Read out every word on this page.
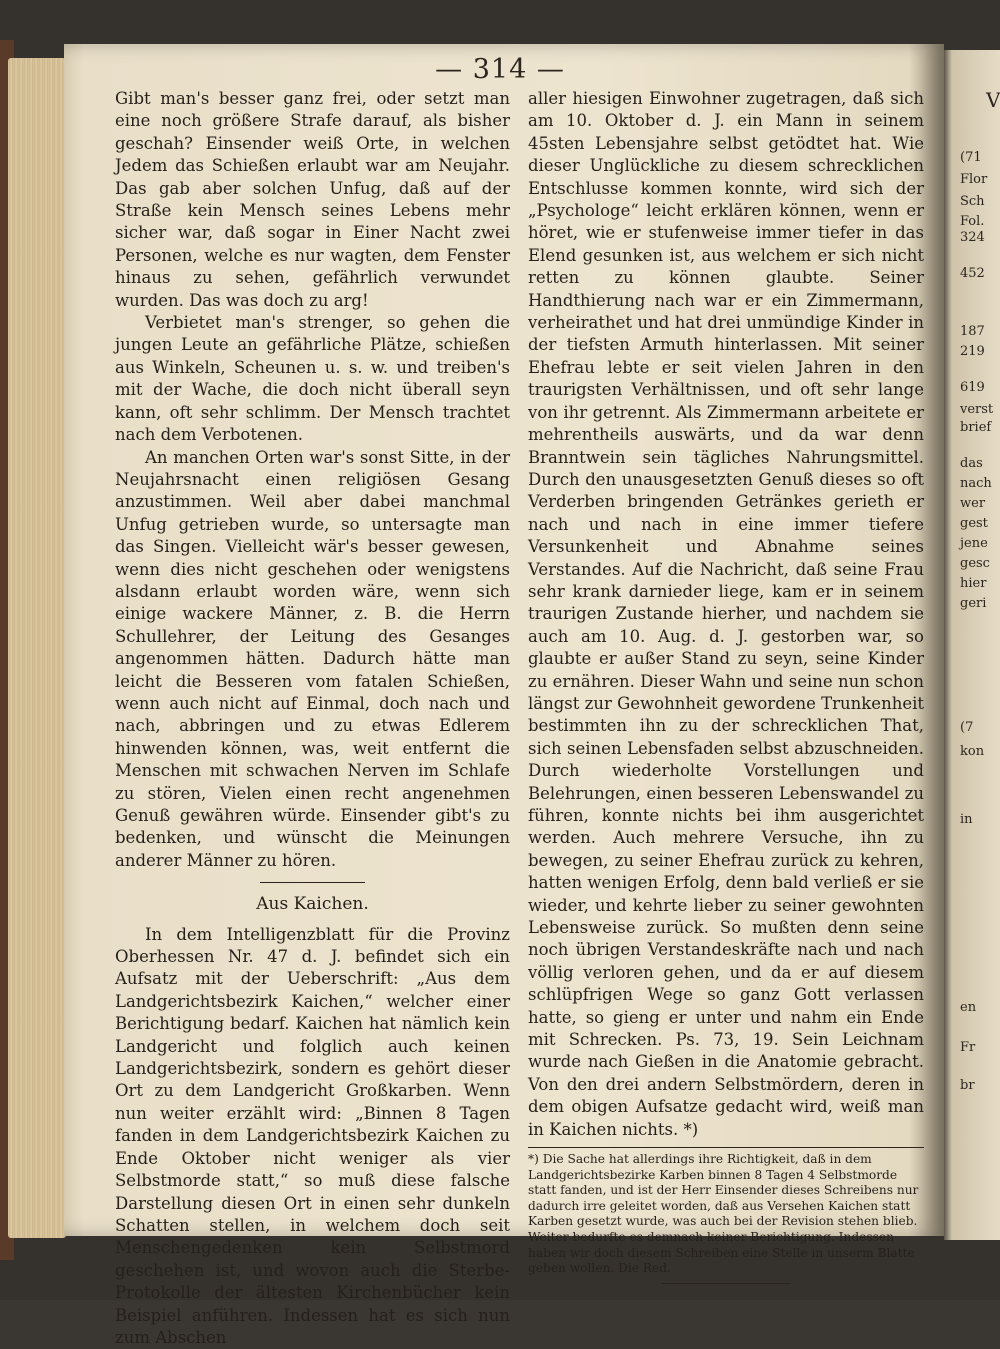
— 314 —

Gibt man's besser ganz frei, oder setzt man eine noch größere Strafe darauf, als bisher geschah? Einsender weiß Orte, in welchen Jedem das Schießen erlaubt war am Neujahr. Das gab aber solchen Unfug, daß auf der Straße kein Mensch seines Lebens mehr sicher war, daß sogar in Einer Nacht zwei Personen, welche es nur wagten, dem Fenster hinaus zu sehen, gefährlich verwundet wurden. Das was doch zu arg!

Verbietet man's strenger, so gehen die jungen Leute an gefährliche Plätze, schießen aus Winkeln, Scheunen u. s. w. und treiben's mit der Wache, die doch nicht überall seyn kann, oft sehr schlimm. Der Mensch trachtet nach dem Verbotenen.

An manchen Orten war's sonst Sitte, in der Neujahrsnacht einen religiösen Gesang anzustimmen. Weil aber dabei manchmal Unfug getrieben wurde, so untersagte man das Singen. Vielleicht wär's besser gewesen, wenn dies nicht geschehen oder wenigstens alsdann erlaubt worden wäre, wenn sich einige wackere Männer, z. B. die Herrn Schullehrer, der Leitung des Gesanges angenommen hätten. Dadurch hätte man leicht die Besseren vom fatalen Schießen, wenn auch nicht auf Einmal, doch nach und nach, abbringen und zu etwas Edlerem hinwenden können, was, weit entfernt die Menschen mit schwachen Nerven im Schlafe zu stören, Vielen einen recht angenehmen Genuß gewähren würde. Einsender gibt's zu bedenken, und wünscht die Meinungen anderer Männer zu hören.

Aus Kaichen.

In dem Intelligenzblatt für die Provinz Oberhessen Nr. 47 d. J. befindet sich ein Aufsatz mit der Ueberschrift: „Aus dem Landgerichtsbezirk Kaichen,“ welcher einer Berichtigung bedarf. Kaichen hat nämlich kein Landgericht und folglich auch keinen Landgerichtsbezirk, sondern es gehört dieser Ort zu dem Landgericht Großkarben. Wenn nun weiter erzählt wird: „Binnen 8 Tagen fanden in dem Landgerichtsbezirk Kaichen zu Ende Oktober nicht weniger als vier Selbstmorde statt,“ so muß diese falsche Darstellung diesen Ort in einen sehr dunkeln Schatten stellen, in welchem doch seit Menschengedenken kein Selbstmord geschehen ist, und wovon auch die Sterbe-Protokolle der ältesten Kirchenbücher kein Beispiel anführen. Indessen hat es sich nun zum Abschen

aller hiesigen Einwohner zugetragen, daß sich am 10. Oktober d. J. ein Mann in seinem 45sten Lebensjahre selbst getödtet hat. Wie dieser Unglückliche zu diesem schrecklichen Entschlusse kommen konnte, wird sich der „Psychologe“ leicht erklären können, wenn er höret, wie er stufenweise immer tiefer in das Elend gesunken ist, aus welchem er sich nicht retten zu können glaubte. Seiner Handthierung nach war er ein Zimmermann, verheirathet und hat drei unmündige Kinder in der tiefsten Armuth hinterlassen. Mit seiner Ehefrau lebte er seit vielen Jahren in den traurigsten Verhältnissen, und oft sehr lange von ihr getrennt. Als Zimmermann arbeitete er mehrentheils auswärts, und da war denn Branntwein sein tägliches Nahrungsmittel. Durch den unausgesetzten Genuß dieses so oft Verderben bringenden Getränkes gerieth er nach und nach in eine immer tiefere Versunkenheit und Abnahme seines Verstandes. Auf die Nachricht, daß seine Frau sehr krank darnieder liege, kam er in seinem traurigen Zustande hierher, und nachdem sie auch am 10. Aug. d. J. gestorben war, so glaubte er außer Stand zu seyn, seine Kinder zu ernähren. Dieser Wahn und seine nun schon längst zur Gewohnheit gewordene Trunkenheit bestimmten ihn zu der schrecklichen That, sich seinen Lebensfaden selbst abzuschneiden. Durch wiederholte Vorstellungen und Belehrungen, einen besseren Lebenswandel zu führen, konnte nichts bei ihm ausgerichtet werden. Auch mehrere Versuche, ihn zu bewegen, zu seiner Ehefrau zurück zu kehren, hatten wenigen Erfolg, denn bald verließ er sie wieder, und kehrte lieber zu seiner gewohnten Lebensweise zurück. So mußten denn seine noch übrigen Verstandeskräfte nach und nach völlig verloren gehen, und da er auf diesem schlüpfrigen Wege so ganz Gott verlassen hatte, so gieng er unter und nahm ein Ende mit Schrecken. Ps. 73, 19. Sein Leichnam wurde nach Gießen in die Anatomie gebracht. Von den drei andern Selbstmördern, deren in dem obigen Aufsatze gedacht wird, weiß man in Kaichen nichts. *)

*) Die Sache hat allerdings ihre Richtigkeit, daß in dem Landgerichtsbezirke Karben binnen 8 Tagen 4 Selbstmorde statt fanden, und ist der Herr Einsender dieses Schreibens nur dadurch irre geleitet worden, daß aus Versehen Kaichen statt Karben gesetzt wurde, was auch bei der Revision stehen blieb. Weiter bedurfte es demnach keiner Berichtigung. Indessen haben wir doch diesem Schreiben eine Stelle in unserm Blatte geben wollen. Die Red.
V
(71
Flor
Sch
Fol.
324
452
187
219
619
verst
brief
das
nach
wer
gest
jene
gesc
hier
geri
(7
kon
in
en
Fr
br
